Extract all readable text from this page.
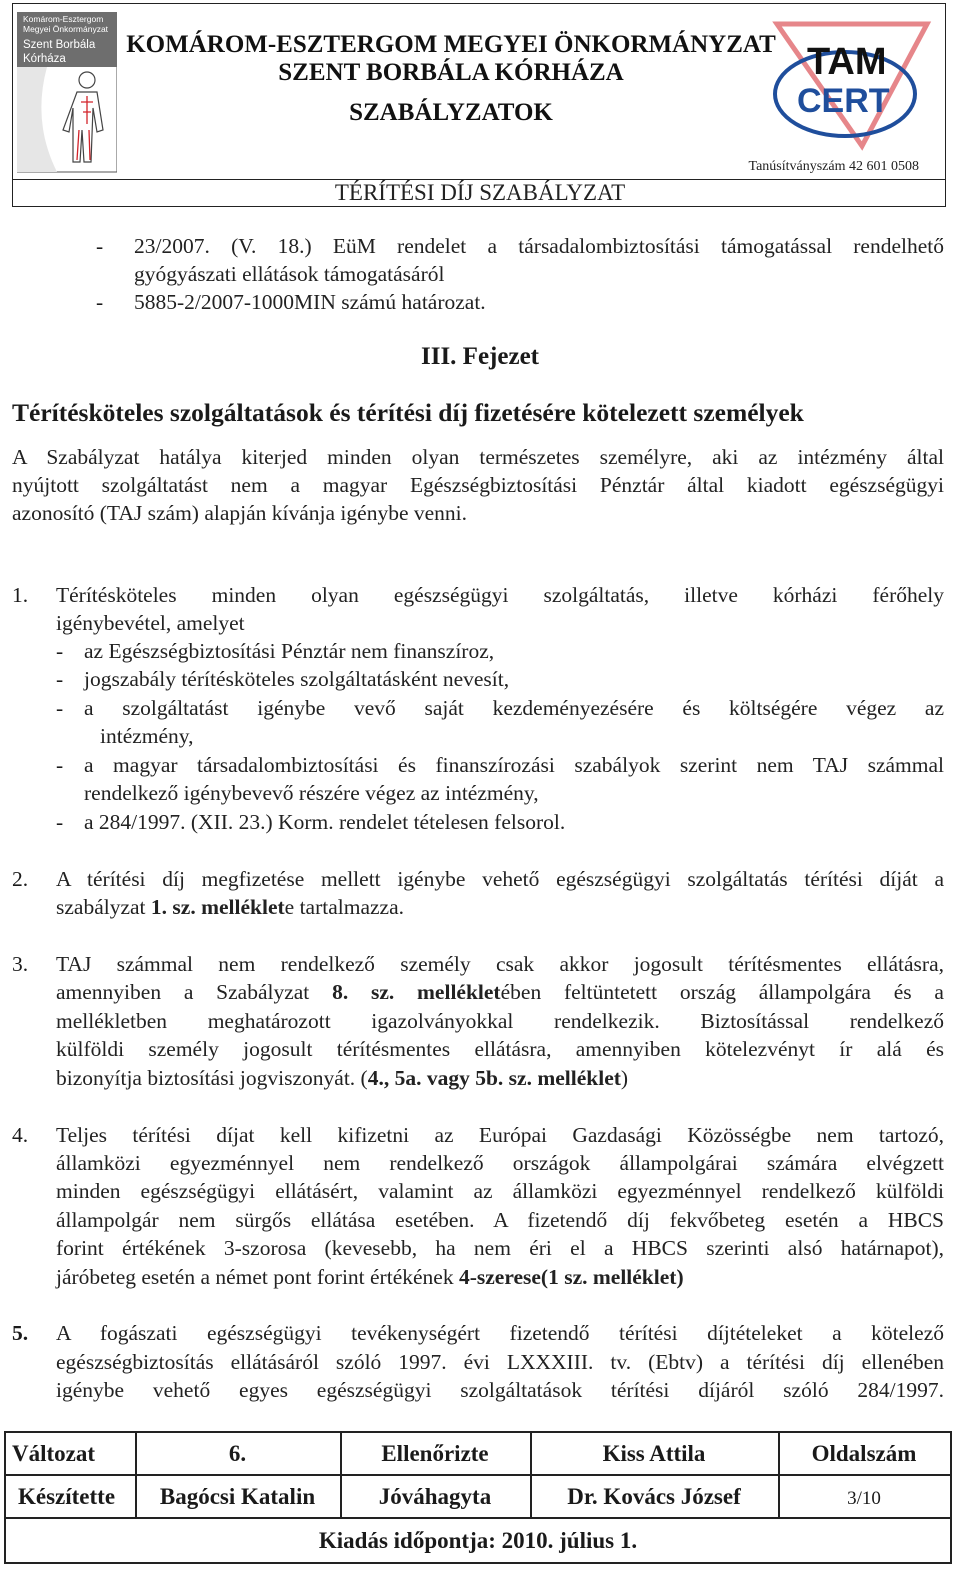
Komárom-Esztergom
Megyei Önkormányzat
Szent Borbála
Kórháza
KOMÁROM-ESZTERGOM MEGYEI ÖNKORMÁNYZAT
SZENT BORBÁLA KÓRHÁZA
SZABÁLYZATOK
TAM
CERT
Tanúsítványszám 42 601 0508
TÉRÍTÉSI DÍJ SZABÁLYZAT
- 23/2007. (V. 18.) EüM rendelet a társadalombiztosítási támogatással rendelhető
gyógyászati ellátások támogatásáról
- 5885-2/2007-1000MIN számú határozat.
III. Fejezet
Térítésköteles szolgáltatások és térítési díj fizetésére kötelezett személyek
A Szabályzat hatálya kiterjed minden olyan természetes személyre, aki az intézmény által
nyújtott szolgáltatást nem a magyar Egészségbiztosítási Pénztár által kiadott egészségügyi
azonosító (TAJ szám) alapján kívánja igénybe venni.
1. Térítésköteles minden olyan egészségügyi szolgáltatás, illetve kórházi férőhely
igénybevétel, amelyet
- az Egészségbiztosítási Pénztár nem finanszíroz,
- jogszabály térítésköteles szolgáltatásként nevesít,
- a szolgáltatást igénybe vevő saját kezdeményezésére és költségére végez az
intézmény,
- a magyar társadalombiztosítási és finanszírozási szabályok szerint nem TAJ számmal
rendelkező igénybevevő részére végez az intézmény,
- a 284/1997. (XII. 23.) Korm. rendelet tételesen felsorol.
2. A térítési díj megfizetése mellett igénybe vehető egészségügyi szolgáltatás térítési díját a
szabályzat 1. sz. melléklete tartalmazza.
3. TAJ számmal nem rendelkező személy csak akkor jogosult térítésmentes ellátásra,
amennyiben a Szabályzat 8. sz. mellékletében feltüntetett ország állampolgára és a
mellékletben meghatározott igazolványokkal rendelkezik. Biztosítással rendelkező
külföldi személy jogosult térítésmentes ellátásra, amennyiben kötelezvényt ír alá és
bizonyítja biztosítási jogviszonyát. (4., 5a. vagy 5b. sz. melléklet)
4. Teljes térítési díjat kell kifizetni az Európai Gazdasági Közösségbe nem tartozó,
államközi egyezménnyel nem rendelkező országok állampolgárai számára elvégzett
minden egészségügyi ellátásért, valamint az államközi egyezménnyel rendelkező külföldi
állampolgár nem sürgős ellátása esetében. A fizetendő díj fekvőbeteg esetén a HBCS
forint értékének 3-szorosa (kevesebb, ha nem éri el a HBCS szerinti alsó határnapot),
járóbeteg esetén a német pont forint értékének 4-szerese(1 sz. melléklet)
5. A fogászati egészségügyi tevékenységért fizetendő térítési díjtételeket a kötelező
egészségbiztosítás ellátásáról szóló 1997. évi LXXXIII. tv. (Ebtv) a térítési díj ellenében
igénybe vehető egyes egészségügyi szolgáltatások térítési díjáról szóló 284/1997.
Változat	6.	Ellenőrizte	Kiss Attila	Oldalszám
Készítette	Bagócsi Katalin	Jóváhagyta	Dr. Kovács József	3/10
Kiadás időpontja: 2010. július 1.
